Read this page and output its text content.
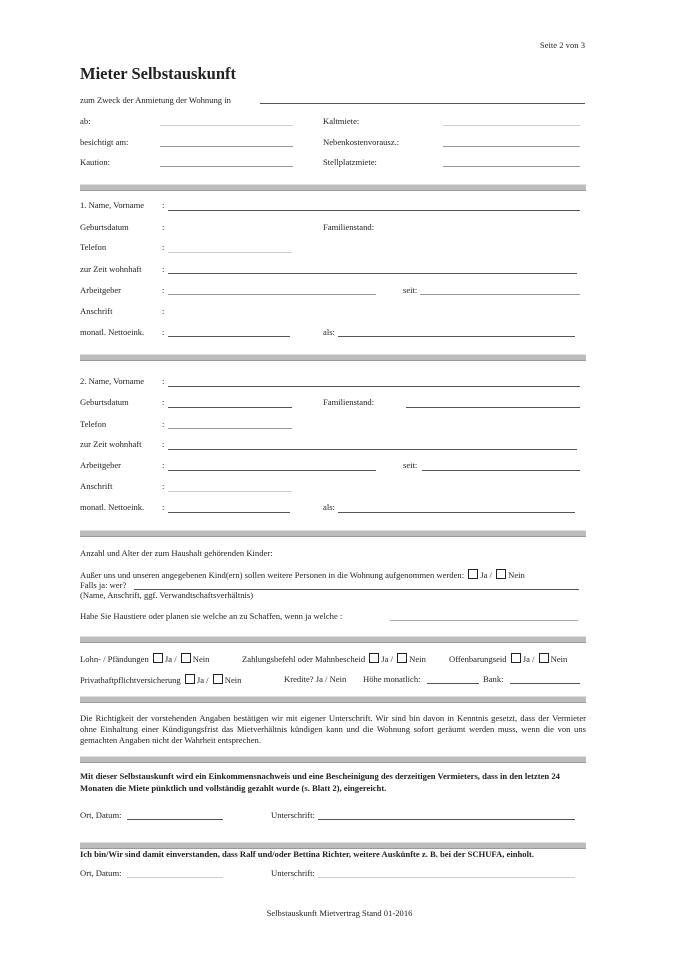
Seite 2 von 3
Mieter Selbstauskunft
zum Zweck der Anmietung der Wohnung in
ab:	Kaltmiete:
besichtigt am:	Nebenkostenvorausz.:
Kaution:	Stellplatzmiete:
1. Name, Vorname :
Geburtsdatum	:	Familienstand:
Telefon	:
zur Zeit wohnhaft :
Arbeitgeber	:	seit:
Anschrift	:
monatl. Nettoeink. :	als:
2. Name, Vorname :
Geburtsdatum	:	Familienstand:
Telefon	:
zur Zeit wohnhaft :
Arbeitgeber	:	seit:
Anschrift	:
monatl. Nettoeink. :	als:
Anzahl und Alter der zum Haushalt gehörenden Kinder:
Außer uns und unseren angegebenen Kind(ern) sollen weitere Personen in die Wohnung aufgenommen werden: Ja / Nein
Falls ja: wer?
(Name, Anschrift, ggf. Verwandtschaftsverhältnis)
Habe Sie Haustiere oder planen sie welche an zu Schaffen, wenn ja welche :
Lohn- / Pfändungen Ja / Nein	Zahlungsbefehl oder Mahnbescheid Ja / Nein	Offenbarungseid Ja / Nein
Privathaftpflichtversicherung Ja / Nein	Kredite? Ja / Nein Höhe monatlich:	Bank:
Die Richtigkeit der vorstehenden Angaben bestätigen wir mit eigener Unterschrift. Wir sind bin davon in Kenntnis gesetzt, dass der Vermieter ohne Einhaltung einer Kündigungsfrist das Mietverhältnis kündigen kann und die Wohnung sofort geräumt werden muss, wenn die von uns gemachten Angaben nicht der Wahrheit entsprechen.
Mit dieser Selbstauskunft wird ein Einkommensnachweis und eine Bescheinigung des derzeitigen Vermieters, dass in den letzten 24 Monaten die Miete pünktlich und vollständig gezahlt wurde (s. Blatt 2), eingereicht.
Ort, Datum:	Unterschrift:
Ich bin/Wir sind damit einverstanden, dass Ralf und/oder Bettina Richter, weitere Auskünfte z. B. bei der SCHUFA, einholt.
Ort, Datum:	Unterschrift:
Selbstauskunft Mietvertrag Stand 01-2016
